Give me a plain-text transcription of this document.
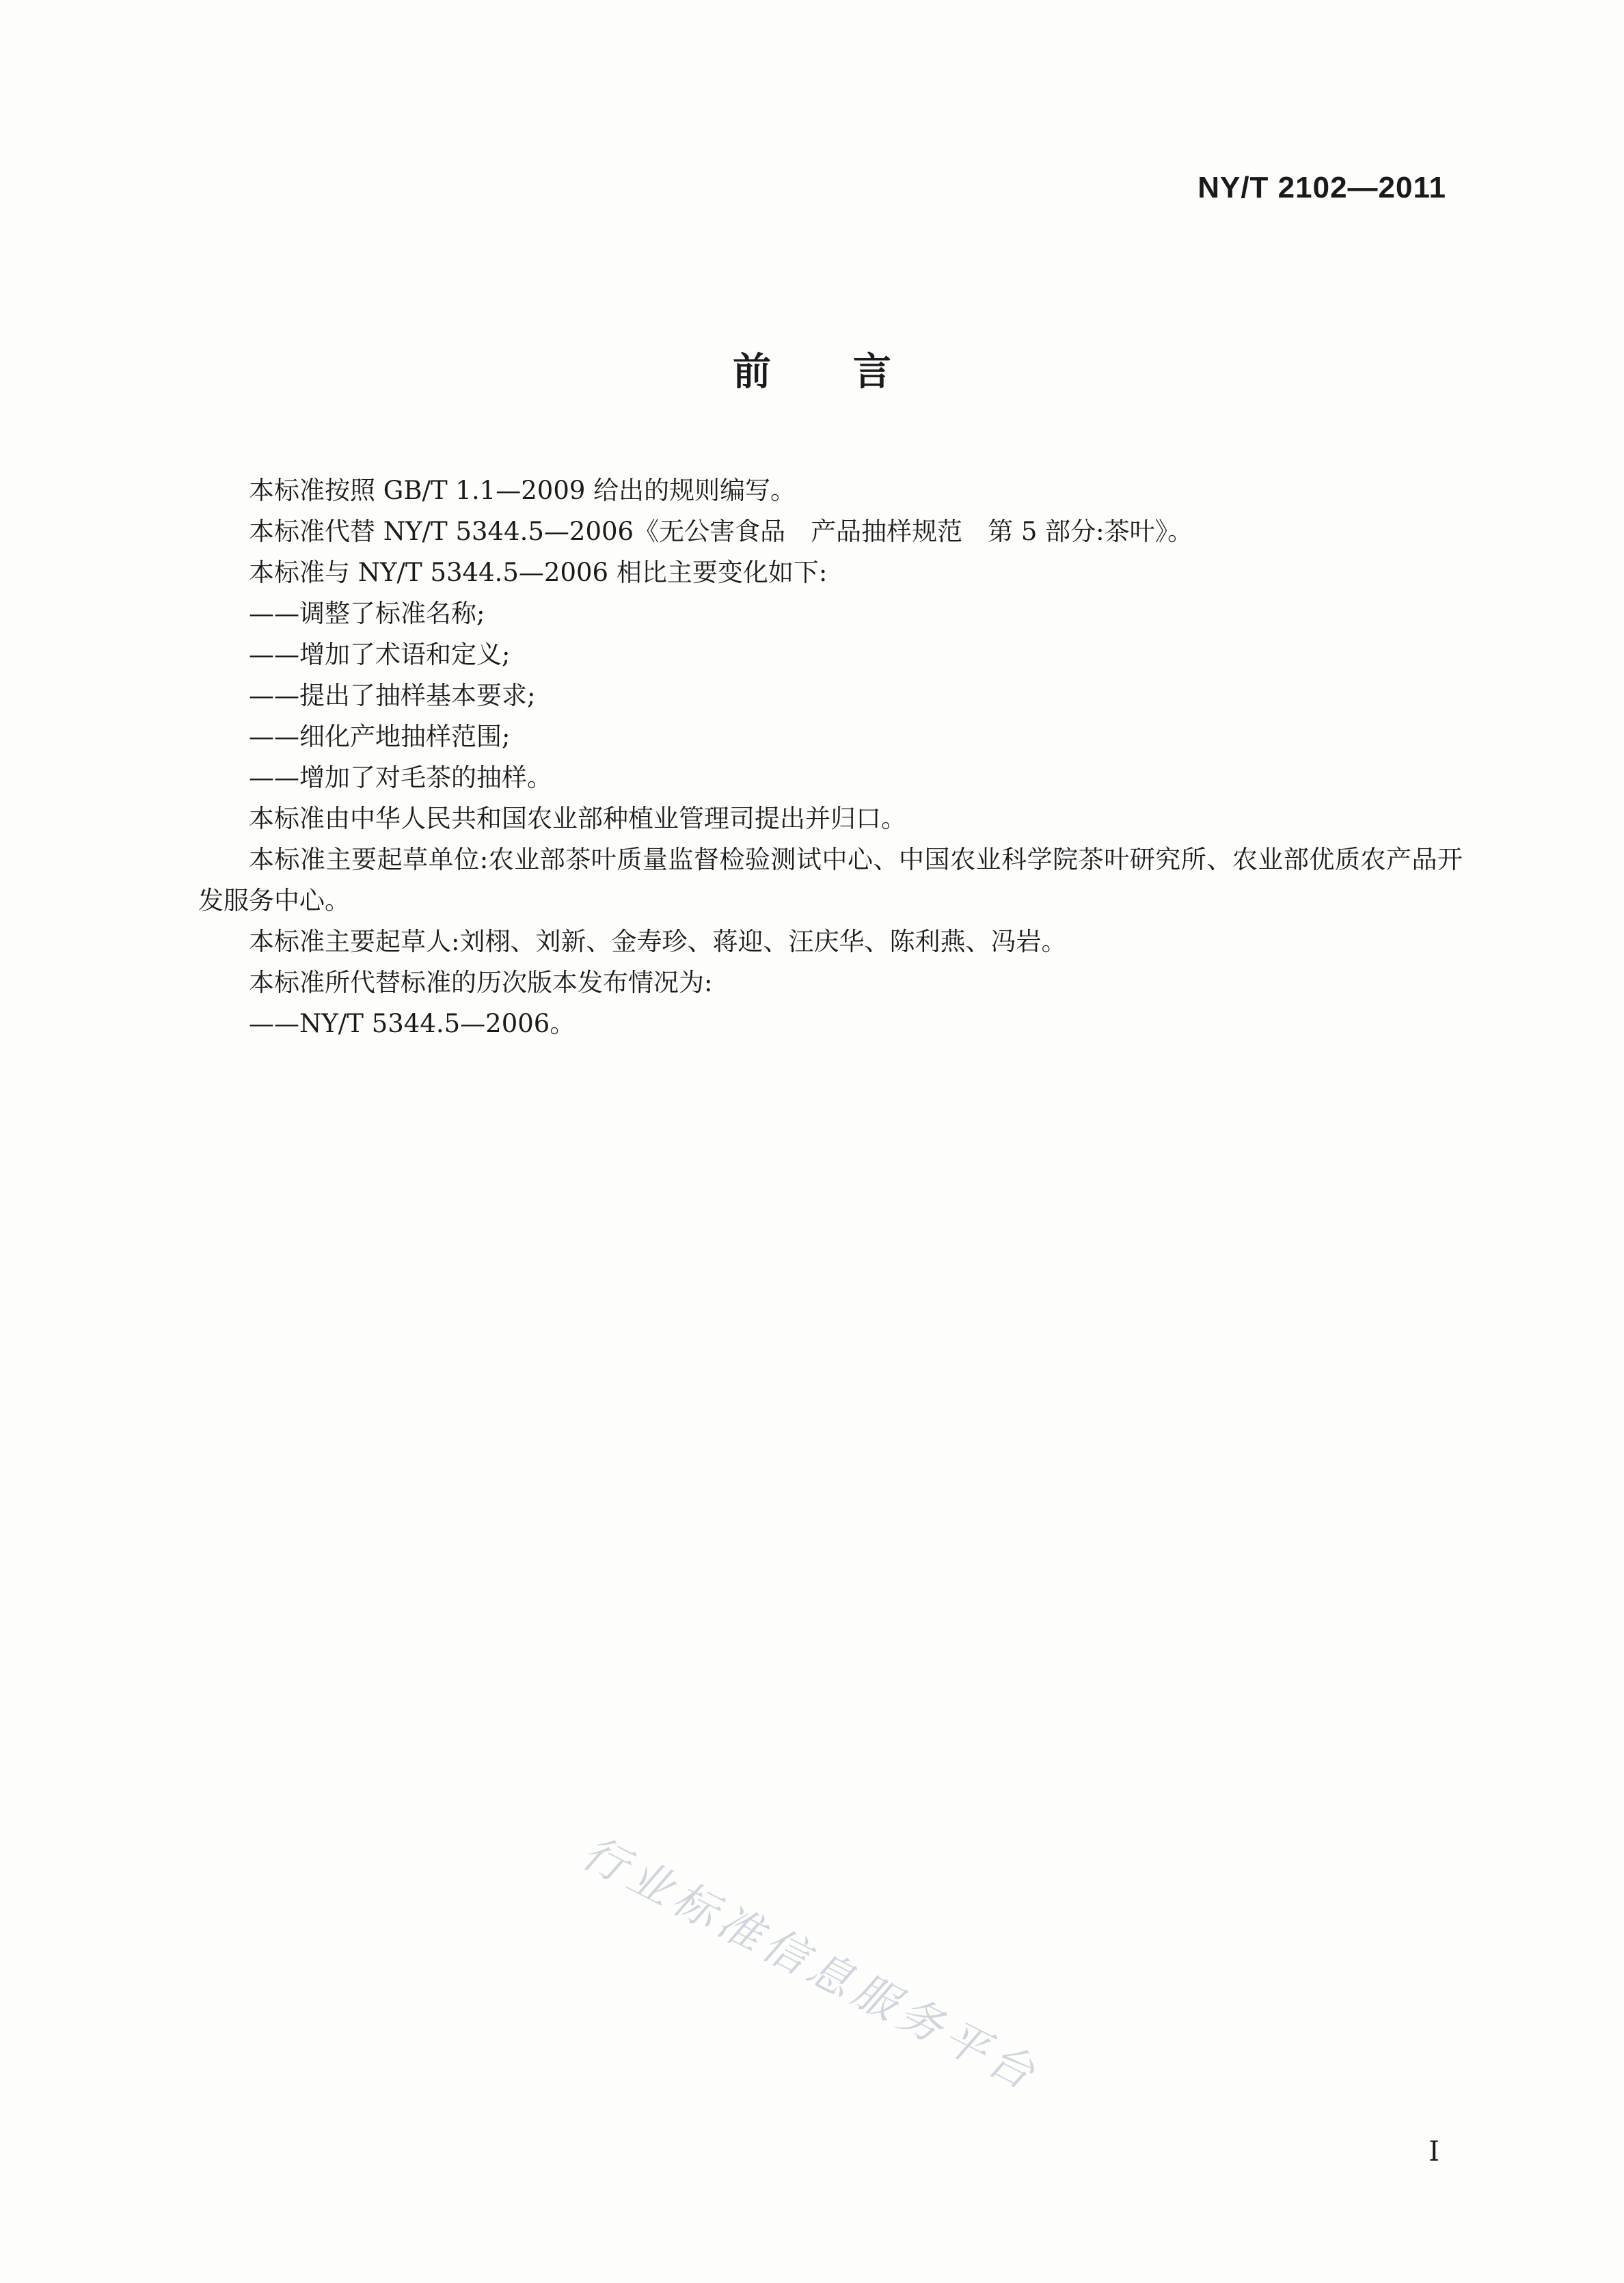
NY/T 2102—2011
前言

本标准按照 GB/T 1.1—2009 给出的规则编写。

本标准代替 NY/T 5344.5—2006《无公害食品　产品抽样规范　第 5 部分:茶叶》。

本标准与 NY/T 5344.5—2006 相比主要变化如下:

——调整了标准名称;

——增加了术语和定义;

——提出了抽样基本要求;

——细化产地抽样范围;

——增加了对毛茶的抽样。

本标准由中华人民共和国农业部种植业管理司提出并归口。

本标准主要起草单位:农业部茶叶质量监督检验测试中心、中国农业科学院茶叶研究所、农业部优质农产品开发服务中心。

本标准主要起草人:刘栩、刘新、金寿珍、蒋迎、汪庆华、陈利燕、冯岩。

本标准所代替标准的历次版本发布情况为:

——NY/T 5344.5—2006。

行业标准信息服务平台
I
